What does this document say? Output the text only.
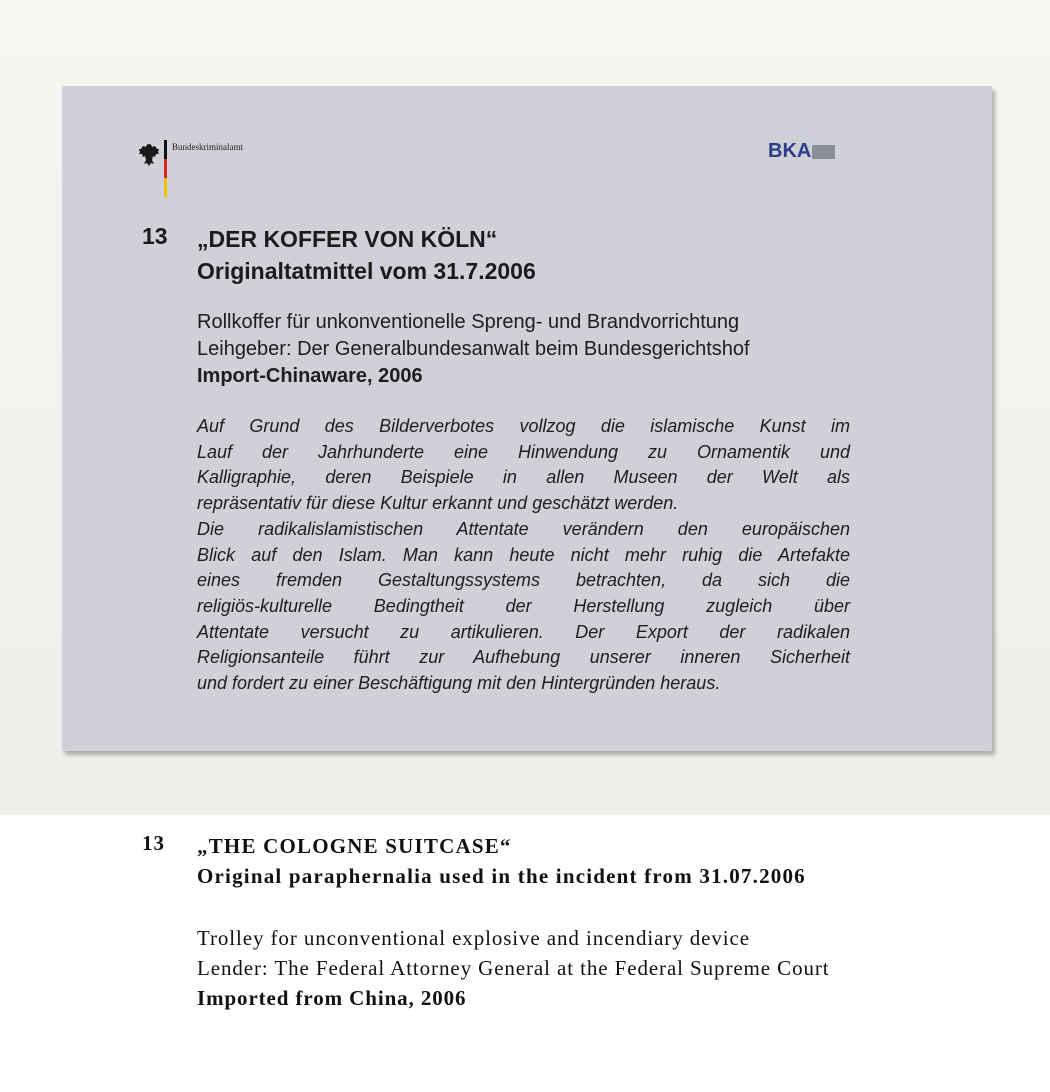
Bundeskriminalamt	BKA
13 „DER KOFFER VON KÖLN“
Originaltatmittel vom 31.7.2006
Rollkoffer für unkonventionelle Spreng- und Brandvorrichtung
Leihgeber: Der Generalbundesanwalt beim Bundesgerichtshof
Import-Chinaware, 2006
Auf Grund des Bilderverbotes vollzog die islamische Kunst im
Lauf der Jahrhunderte eine Hinwendung zu Ornamentik und
Kalligraphie, deren Beispiele in allen Museen der Welt als
repräsentativ für diese Kultur erkannt und geschätzt werden.
Die radikalislamistischen Attentate verändern den europäischen
Blick auf den Islam. Man kann heute nicht mehr ruhig die Artefakte
eines fremden Gestaltungssystems betrachten, da sich die
religiös-kulturelle Bedingtheit der Herstellung zugleich über
Attentate versucht zu artikulieren. Der Export der radikalen
Religionsanteile führt zur Aufhebung unserer inneren Sicherheit
und fordert zu einer Beschäftigung mit den Hintergründen heraus.
13 „THE COLOGNE SUITCASE“
Original paraphernalia used in the incident from 31.07.2006
Trolley for unconventional explosive and incendiary device
Lender: The Federal Attorney General at the Federal Supreme Court
Imported from China, 2006
